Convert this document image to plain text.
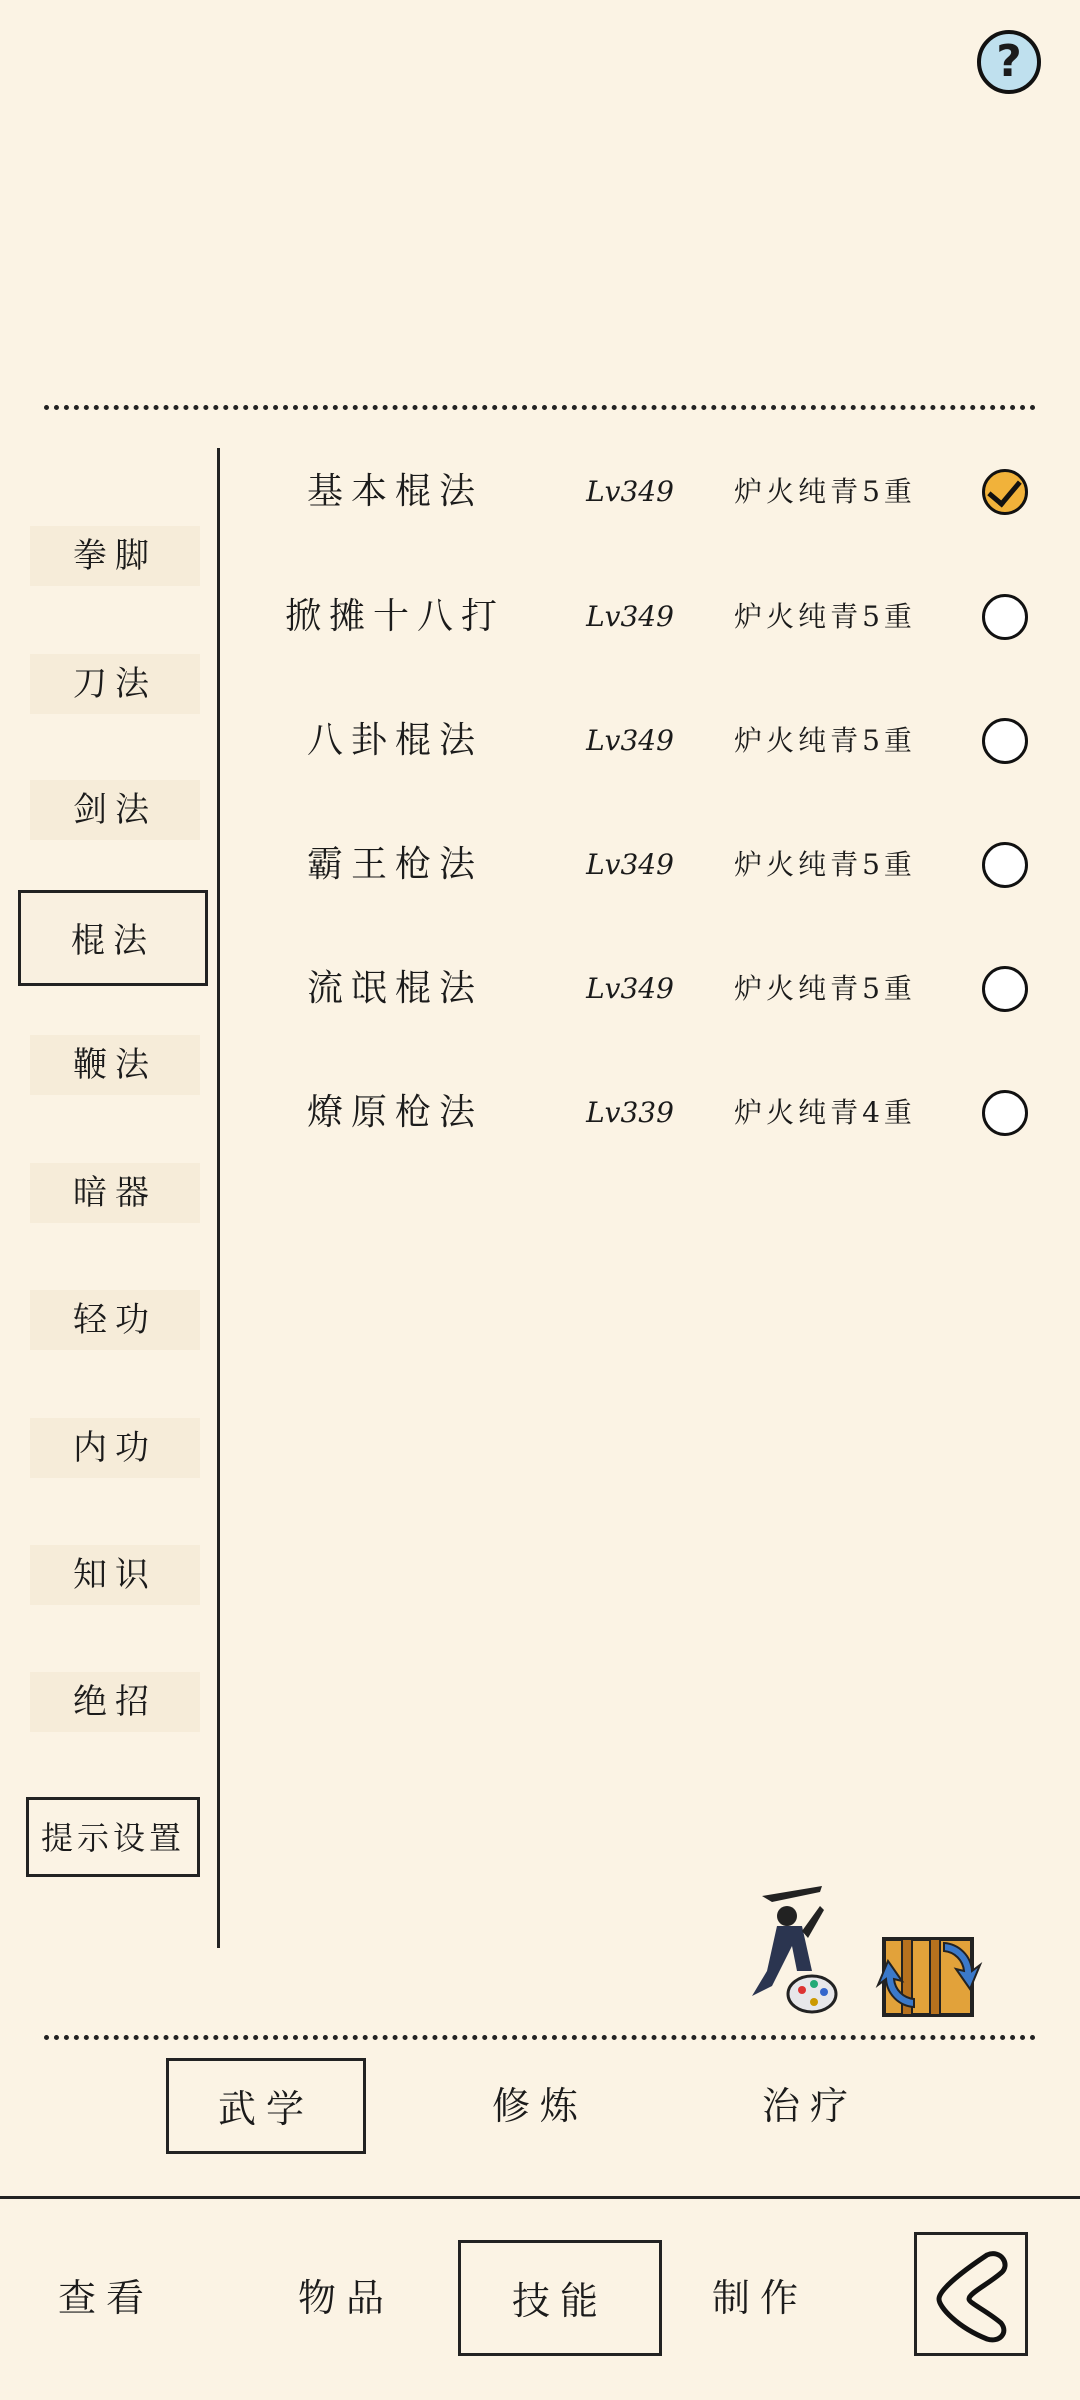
?
拳脚
刀法
剑法
棍法
鞭法
暗器
轻功
内功
知识
绝招
提示设置
基本棍法	Lv349	炉火纯青5重
掀摊十八打	Lv349	炉火纯青5重
八卦棍法	Lv349	炉火纯青5重
霸王枪法	Lv349	炉火纯青5重
流氓棍法	Lv349	炉火纯青5重
燎原枪法	Lv339	炉火纯青4重
武学	修炼	治疗
查看	物品	技能	制作
